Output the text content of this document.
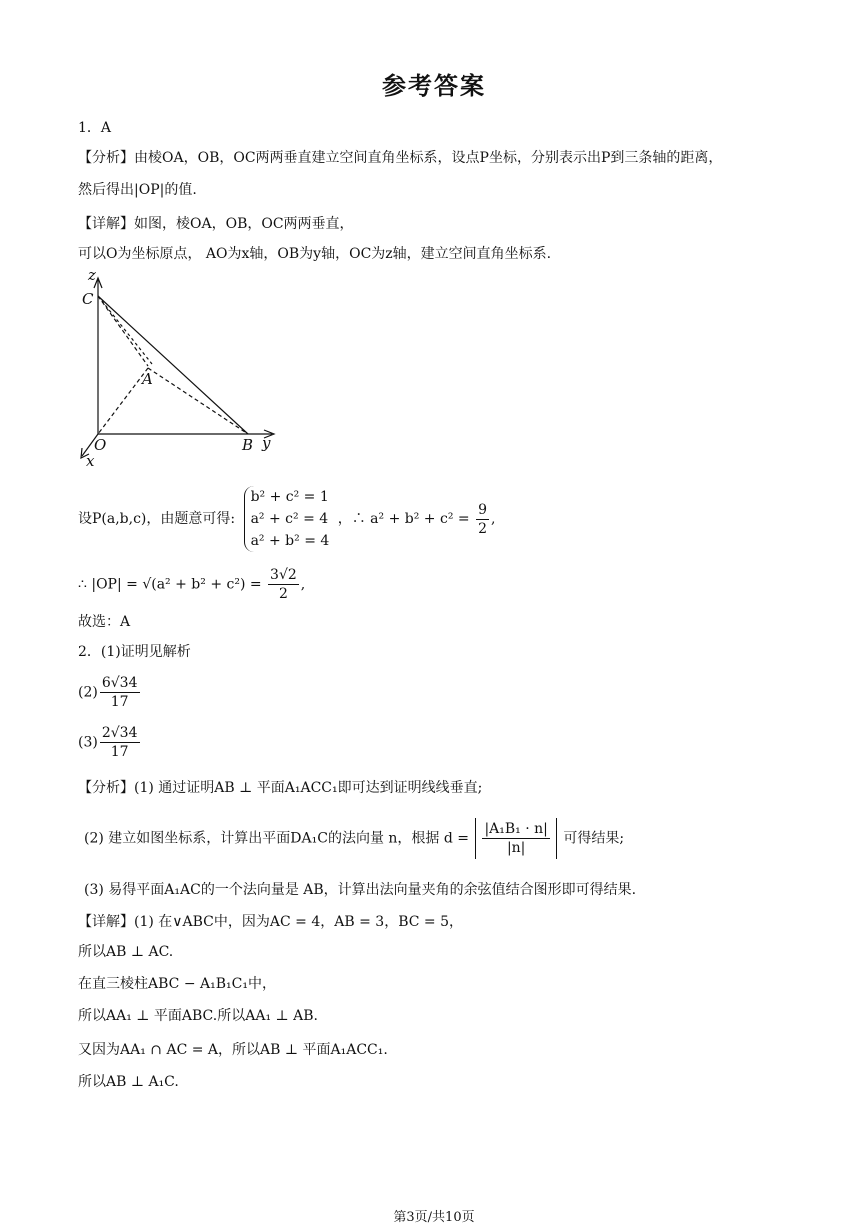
参考答案
1．A
【分析】由棱OA，OB，OC两两垂直建立空间直角坐标系，设点P坐标，分别表示出P到三条轴的距离，
然后得出|OP|的值.
【详解】如图，棱OA，OB，OC两两垂直，
可以O为坐标原点， AO为x轴，OB为y轴，OC为z轴，建立空间直角坐标系.
z
C
A
O	B y
x
设P(a,b,c)，由题意可得:
b² + c² = 1
a² + c² = 4
a² + b² = 4
，∴ $a^2 + b^2 + c^2 = \frac{9}{2}$ ,
∴ $|OP| = √(a^2 + b^2 + c^2) = \frac{3√2}{2}$ ,
故选：A
2．(1)证明见解析
$(2) \frac{6√34}{17}$
$(3) \frac{2√34}{17}$
【分析】(1) 通过证明AB ⊥ 平面A₁ACC₁即可达到证明线线垂直;
(2) 建立如图坐标系，计算出平面DA₁C的法向量 n，根据 $d = \frac{\text{|A₁B₁ · n|}}{|n|}$ 可得结果;
(3) 易得平面A₁AC的一个法向量是 AB，计算出法向量夹角的余弦值结合图形即可得结果.
【详解】(1) 在∨ABC中，因为AC = 4，AB = 3，BC = 5，
所以AB ⊥ AC.
在直三棱柱ABC − A₁B₁C₁中，
所以AA₁ ⊥ 平面ABC.所以AA₁ ⊥ AB.
又因为AA₁ ∩ AC = A，所以AB ⊥ 平面A₁ACC₁.
所以AB ⊥ A₁C.
第3页/共10页
